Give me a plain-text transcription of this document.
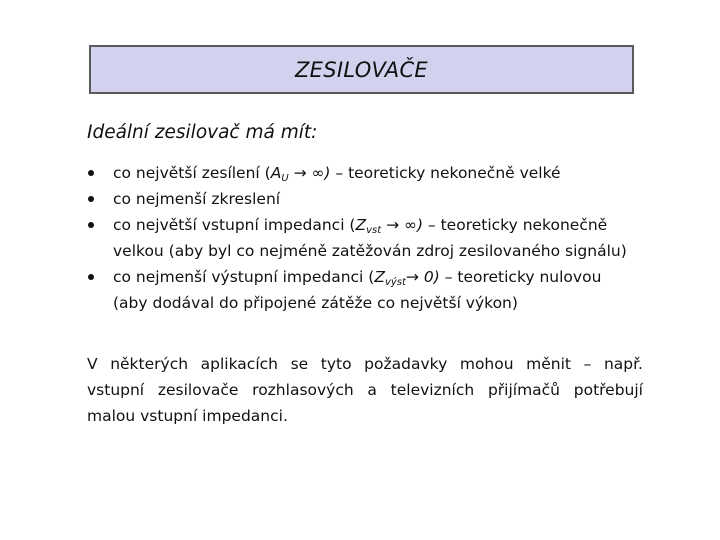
ZESILOVAČE
Ideální zesilovač má mít:
co největší zesílení ($A_U$ → ∞) – teoreticky nekonečně velké
co nejmenší zkreslení
co největší vstupní impedanci ($Z_{vst}$ → ∞) – teoreticky nekonečně
velkou (aby byl co nejméně zatěžován zdroj zesilovaného signálu)
co nejmenší výstupní impedanci $(Z_{výst}\to 0)$ – teoreticky nulovou
(aby dodával do připojené zátěže co největší výkon)
V některých aplikacích se tyto požadavky mohou měnit – např.
vstupní zesilovače rozhlasových a televizních přijímačů potřebují
malou vstupní impedanci.
